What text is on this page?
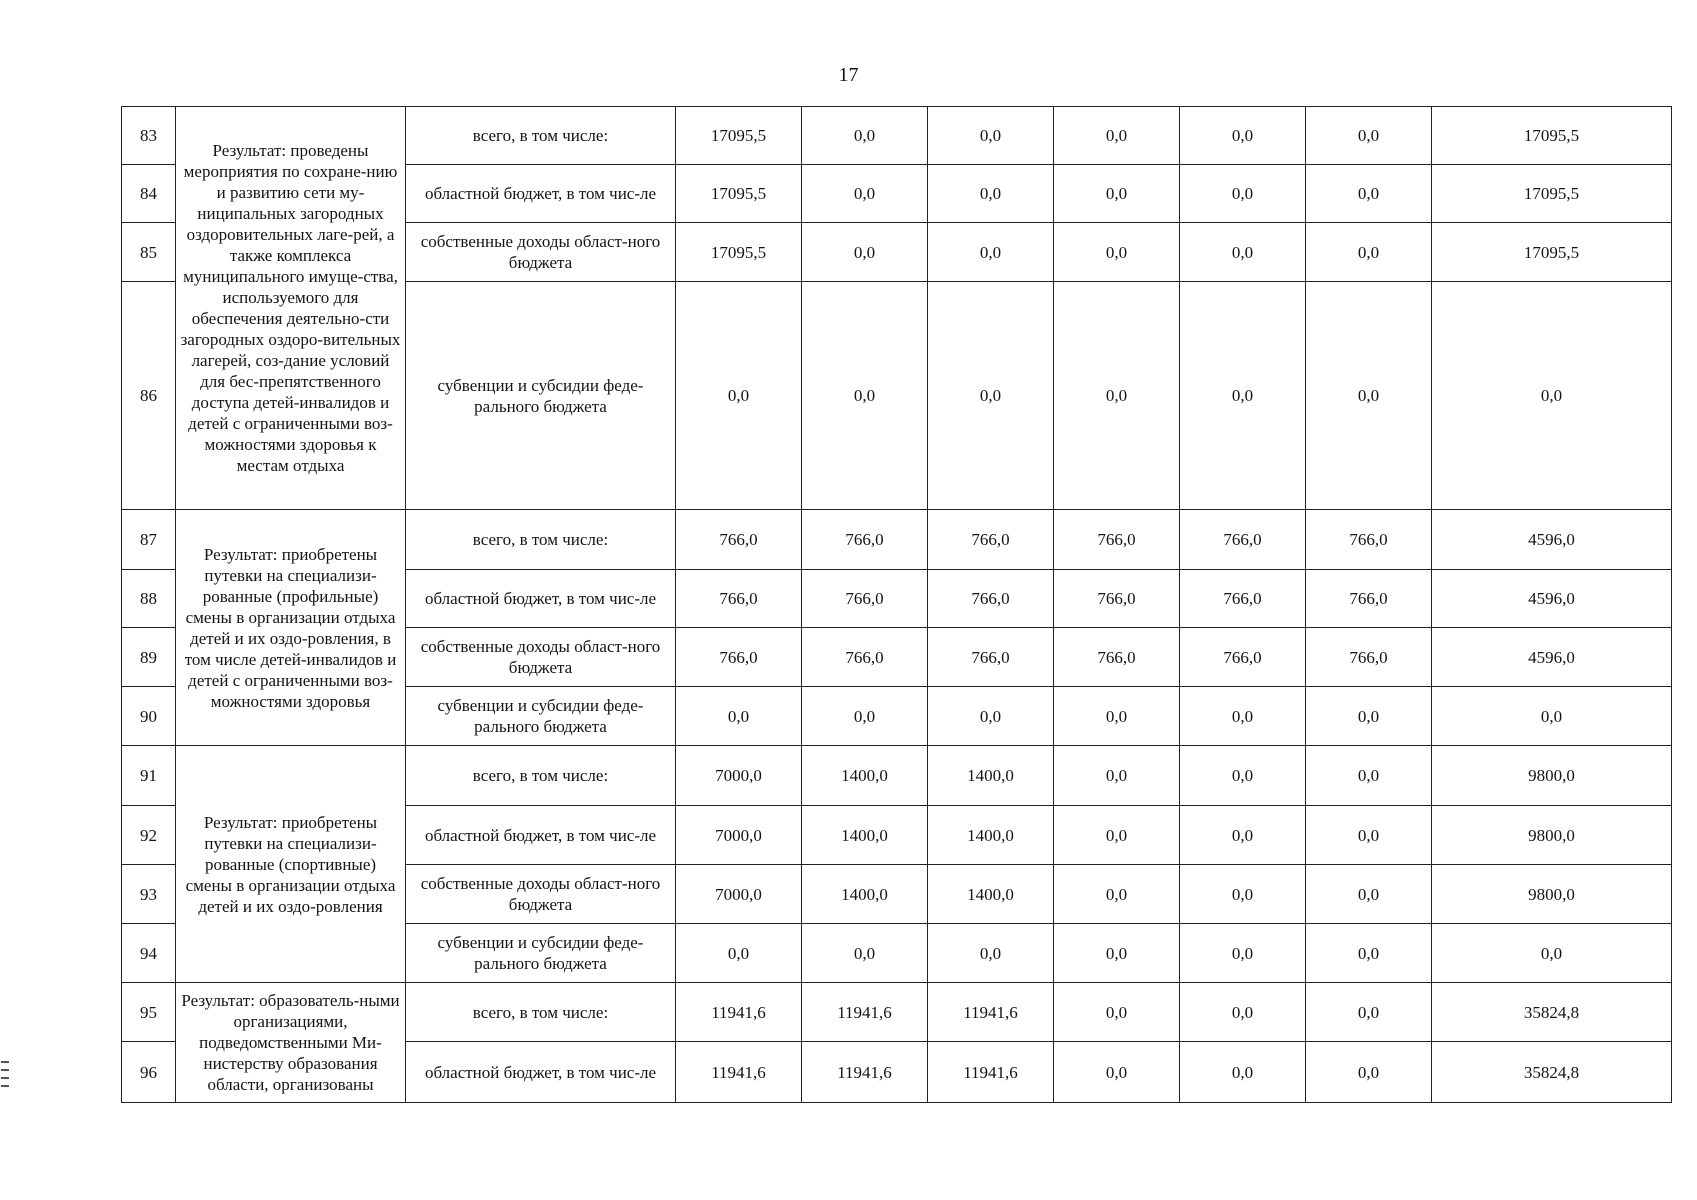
17
83	Результат: проведены мероприятия по сохране-нию и развитию сети му-ниципальных загородных оздоровительных лаге-рей, а также комплекса муниципального имуще-ства, используемого для обеспечения деятельно-сти загородных оздоро-вительных лагерей, соз-дание условий для бес-препятственного доступа детей-инвалидов и детей с ограниченными воз-можностями здоровья к местам отдыха	всего, в том числе:	17095,5	0,0	0,0	0,0	0,0	0,0	17095,5
84		областной бюджет, в том чис-ле	17095,5	0,0	0,0	0,0	0,0	0,0	17095,5
85		собственные доходы област-ного бюджета	17095,5	0,0	0,0	0,0	0,0	0,0	17095,5
86		субвенции и субсидии феде-рального бюджета	0,0	0,0	0,0	0,0	0,0	0,0	0,0
87	Результат: приобретены путевки на специализи-рованные (профильные) смены в организации отдыха детей и их оздо-ровления, в том числе детей-инвалидов и детей с ограниченными воз-можностями здоровья	всего, в том числе:	766,0	766,0	766,0	766,0	766,0	766,0	4596,0
88		областной бюджет, в том чис-ле	766,0	766,0	766,0	766,0	766,0	766,0	4596,0
89		собственные доходы област-ного бюджета	766,0	766,0	766,0	766,0	766,0	766,0	4596,0
90		субвенции и субсидии феде-рального бюджета	0,0	0,0	0,0	0,0	0,0	0,0	0,0
91	Результат: приобретены путевки на специализи-рованные (спортивные) смены в организации отдыха детей и их оздо-ровления	всего, в том числе:	7000,0	1400,0	1400,0	0,0	0,0	0,0	9800,0
92		областной бюджет, в том чис-ле	7000,0	1400,0	1400,0	0,0	0,0	0,0	9800,0
93		собственные доходы област-ного бюджета	7000,0	1400,0	1400,0	0,0	0,0	0,0	9800,0
94		субвенции и субсидии феде-рального бюджета	0,0	0,0	0,0	0,0	0,0	0,0	0,0
95	Результат: образователь-ными организациями, подведомственными Ми-нистерству образования области, организованы	всего, в том числе:	11941,6	11941,6	11941,6	0,0	0,0	0,0	35824,8
96		областной бюджет, в том чис-ле	11941,6	11941,6	11941,6	0,0	0,0	0,0	35824,8
